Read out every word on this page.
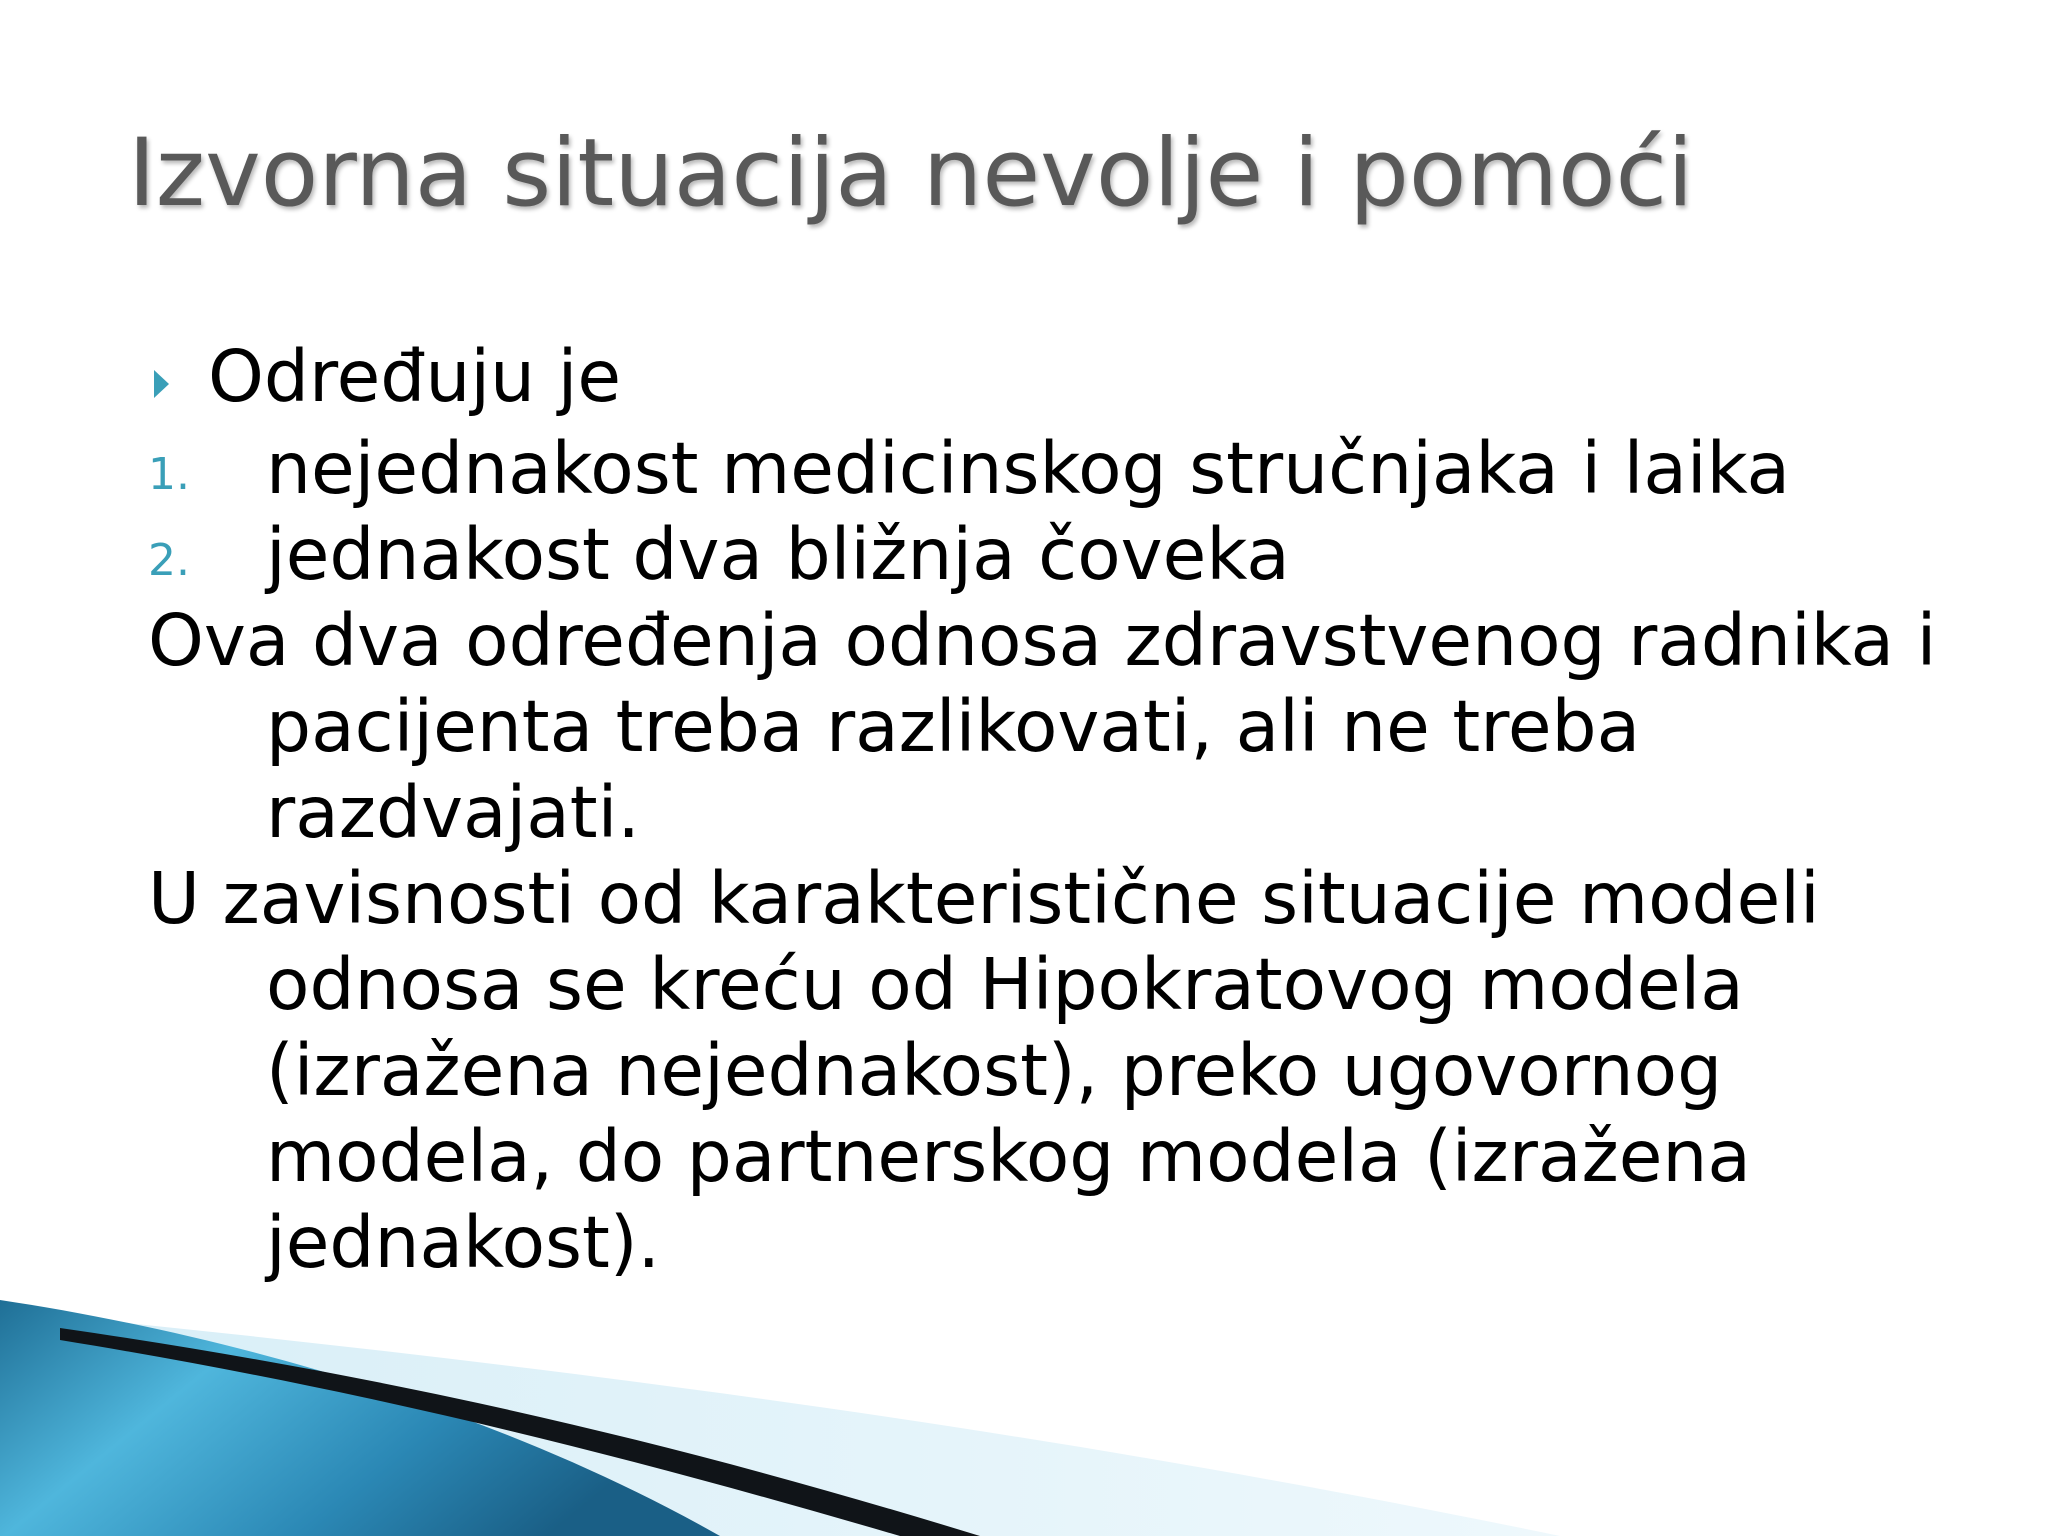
Izvorna situacija nevolje i pomoći
Određuju je
1. nejednakost medicinskog stručnjaka i laika
2. jednakost dva bližnja čoveka
Ova dva određenja odnosa zdravstvenog radnika i pacijenta treba razlikovati, ali ne treba razdvajati.
U zavisnosti od karakteristične situacije modeli odnosa se kreću od Hipokratovog modela (izražena nejednakost), preko ugovornog modela, do partnerskog modela (izražena jednakost).
